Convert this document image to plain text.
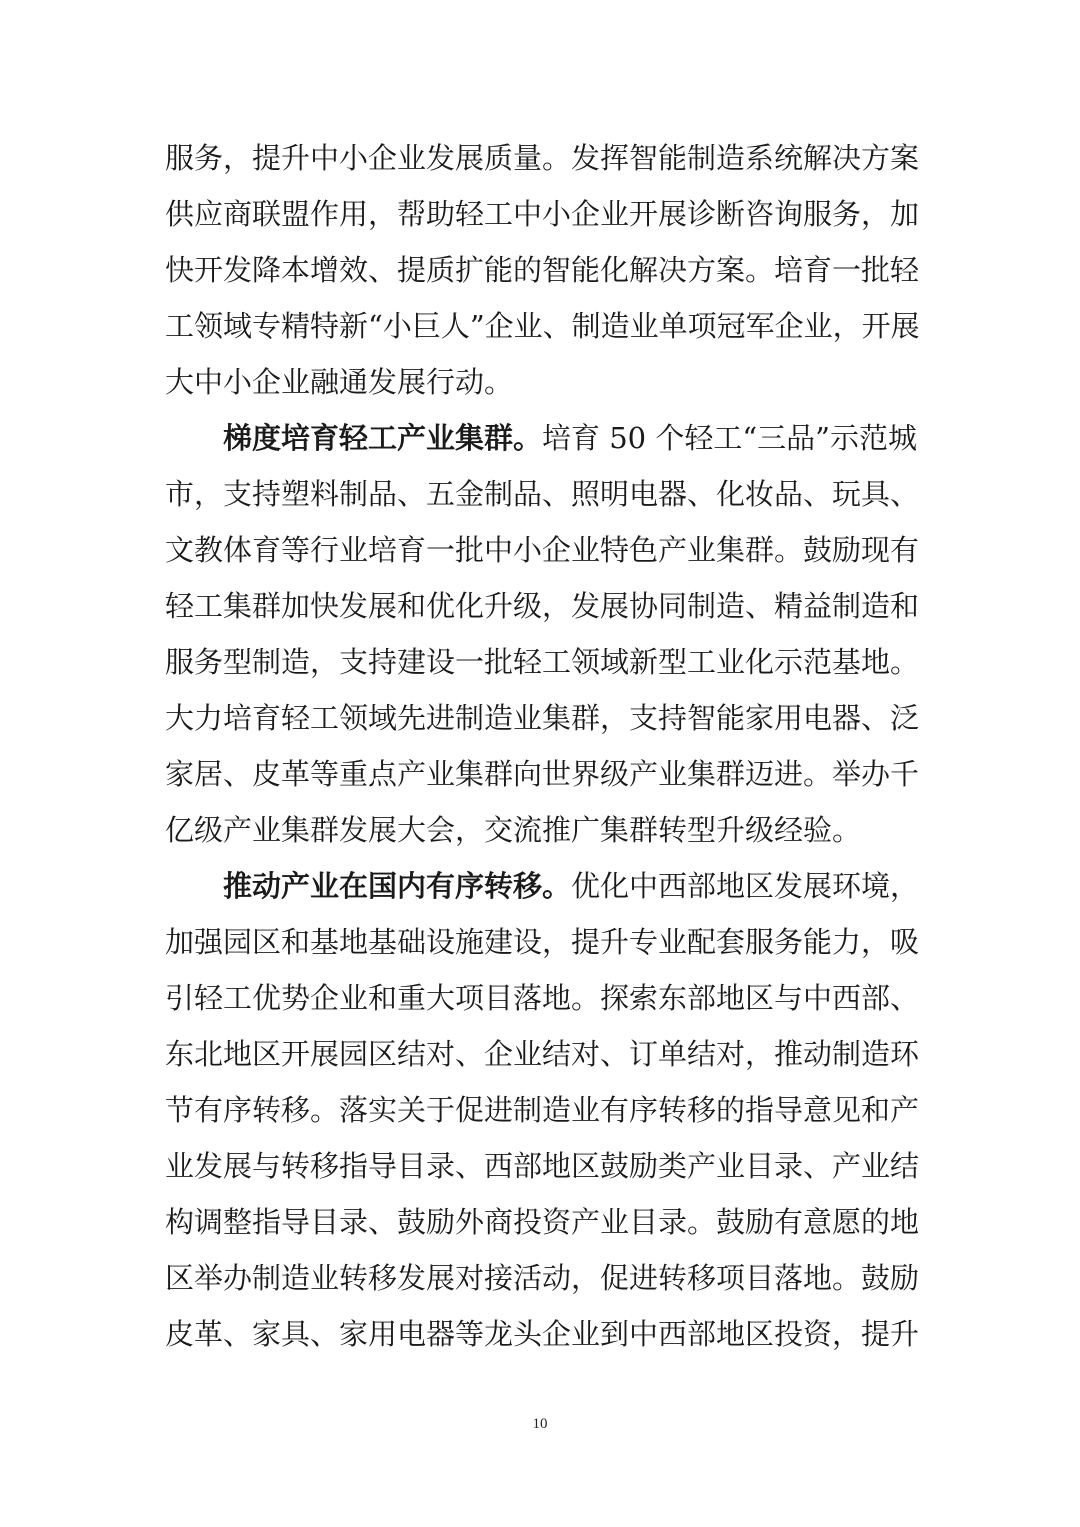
服务，提升中小企业发展质量。发挥智能制造系统解决方案
供应商联盟作用，帮助轻工中小企业开展诊断咨询服务，加
快开发降本增效、提质扩能的智能化解决方案。培育一批轻
工领域专精特新“小巨人”企业、制造业单项冠军企业，开展
大中小企业融通发展行动。
梯度培育轻工产业集群。培育 50 个轻工“三品”示范城
市，支持塑料制品、五金制品、照明电器、化妆品、玩具、
文教体育等行业培育一批中小企业特色产业集群。鼓励现有
轻工集群加快发展和优化升级，发展协同制造、精益制造和
服务型制造，支持建设一批轻工领域新型工业化示范基地。
大力培育轻工领域先进制造业集群，支持智能家用电器、泛
家居、皮革等重点产业集群向世界级产业集群迈进。举办千
亿级产业集群发展大会，交流推广集群转型升级经验。
推动产业在国内有序转移。优化中西部地区发展环境，
加强园区和基地基础设施建设，提升专业配套服务能力，吸
引轻工优势企业和重大项目落地。探索东部地区与中西部、
东北地区开展园区结对、企业结对、订单结对，推动制造环
节有序转移。落实关于促进制造业有序转移的指导意见和产
业发展与转移指导目录、西部地区鼓励类产业目录、产业结
构调整指导目录、鼓励外商投资产业目录。鼓励有意愿的地
区举办制造业转移发展对接活动，促进转移项目落地。鼓励
皮革、家具、家用电器等龙头企业到中西部地区投资，提升
10
